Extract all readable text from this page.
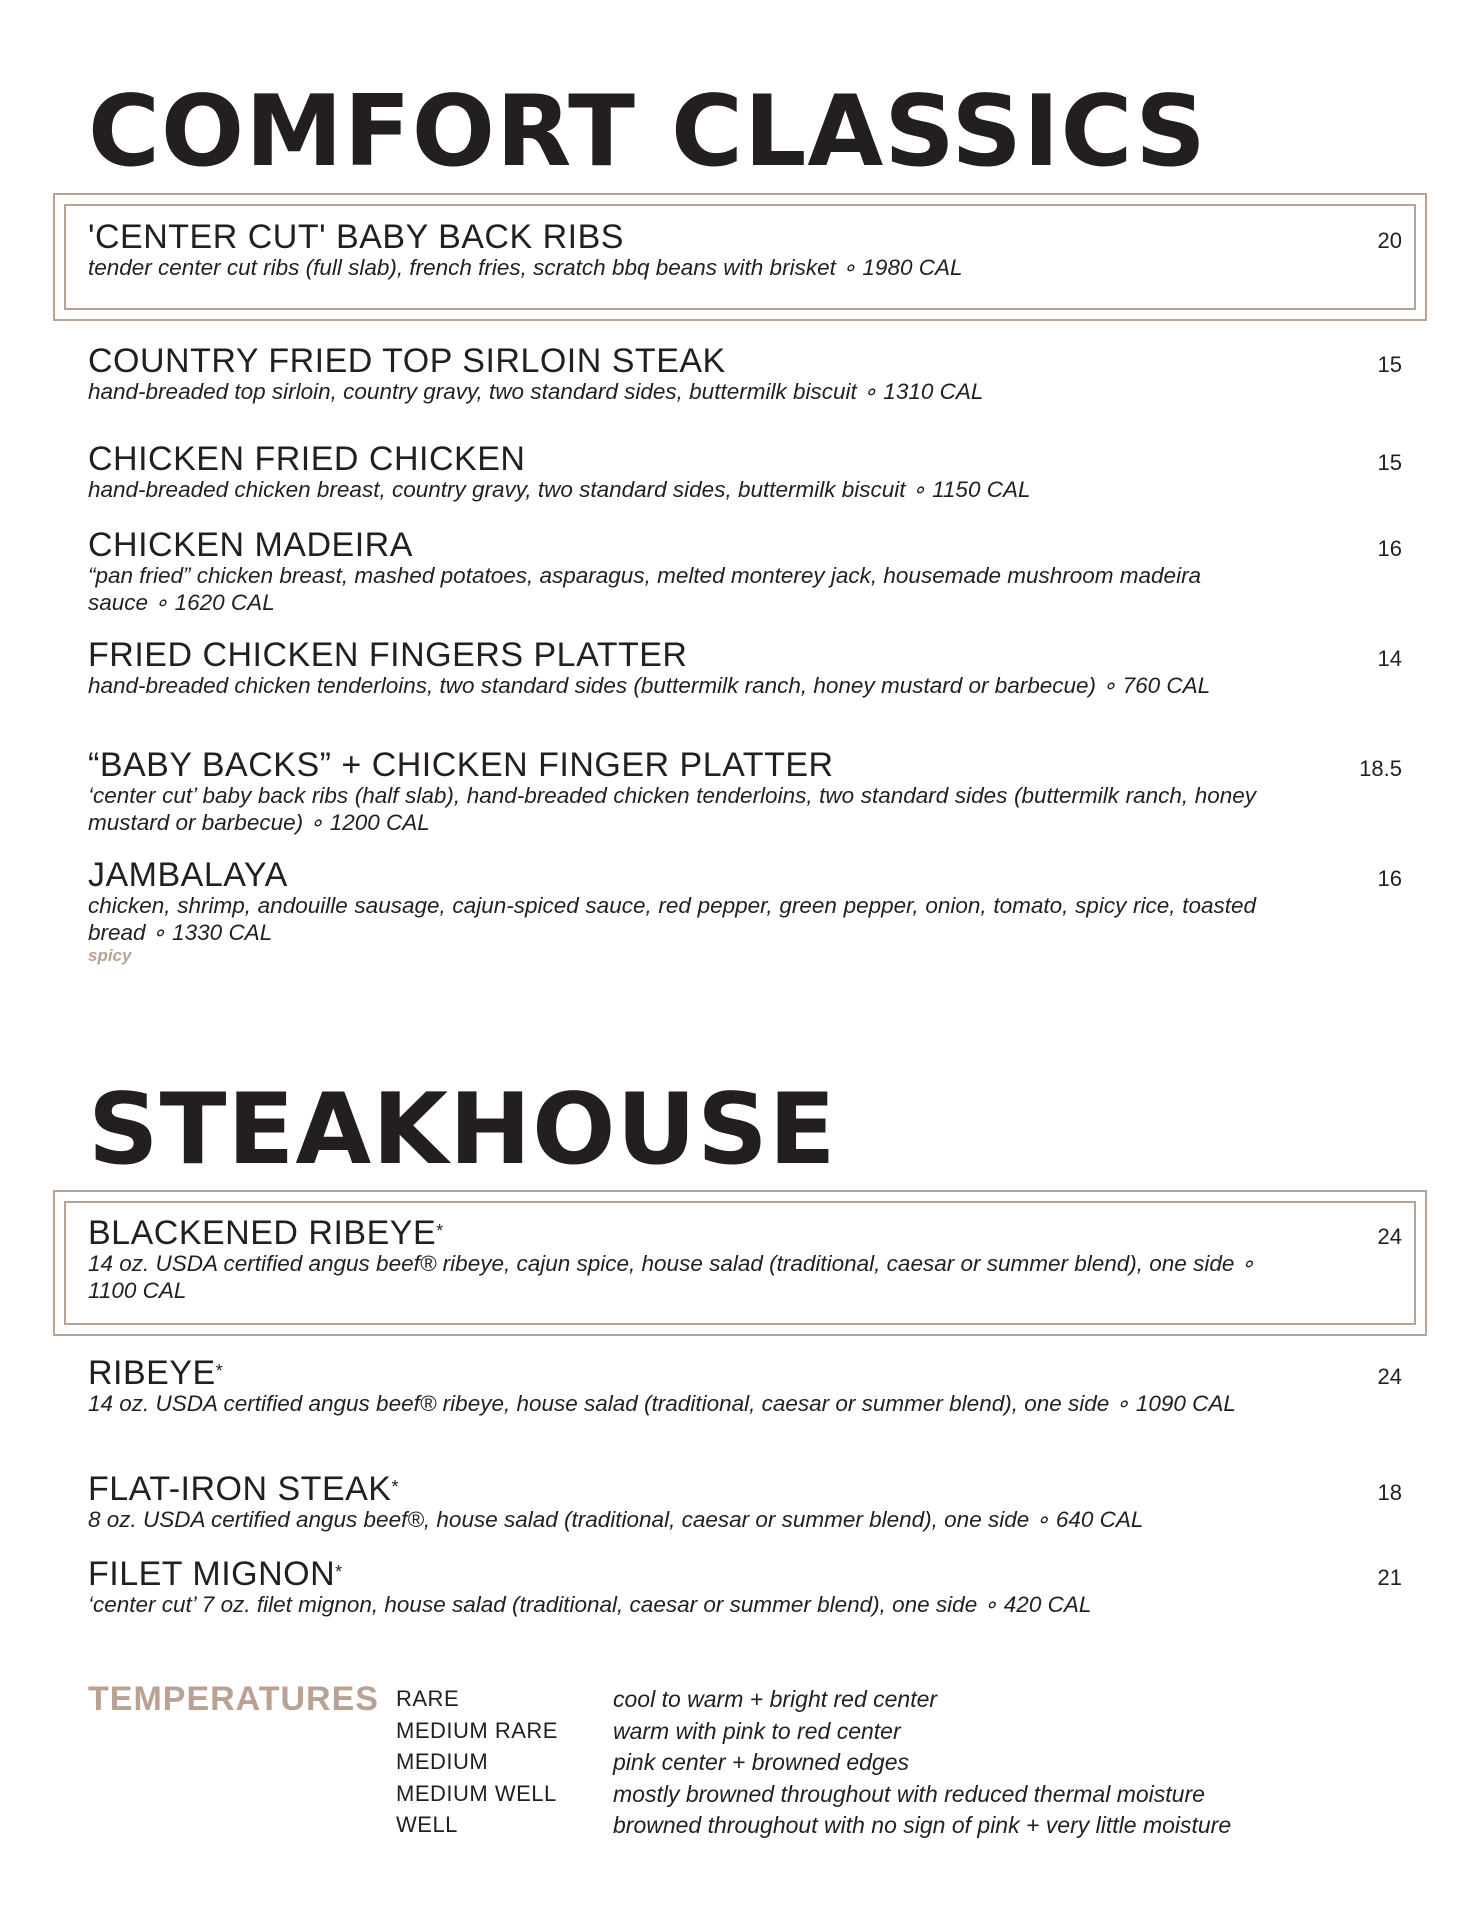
COMFORT CLASSICS
'CENTER CUT' BABY BACK RIBS
tender center cut ribs (full slab), french fries, scratch bbq beans with brisket ∘ 1980 CAL
20
COUNTRY FRIED TOP SIRLOIN STEAK
hand-breaded top sirloin, country gravy, two standard sides, buttermilk biscuit ∘ 1310 CAL
15
CHICKEN FRIED CHICKEN
hand-breaded chicken breast, country gravy, two standard sides, buttermilk biscuit ∘ 1150 CAL
15
CHICKEN MADEIRA
“pan fried” chicken breast, mashed potatoes, asparagus, melted monterey jack, housemade mushroom madeira sauce ∘ 1620 CAL
16
FRIED CHICKEN FINGERS PLATTER
hand-breaded chicken tenderloins, two standard sides (buttermilk ranch, honey mustard or barbecue) ∘ 760 CAL
14
“BABY BACKS” + CHICKEN FINGER PLATTER
‘center cut’ baby back ribs (half slab), hand-breaded chicken tenderloins, two standard sides (buttermilk ranch, honey mustard or barbecue) ∘ 1200 CAL
18.5
JAMBALAYA
chicken, shrimp, andouille sausage, cajun-spiced sauce, red pepper, green pepper, onion, tomato, spicy rice, toasted bread ∘ 1330 CAL
spicy
16
STEAKHOUSE
BLACKENED RIBEYE*
14 oz. USDA certified angus beef® ribeye, cajun spice, house salad (traditional, caesar or summer blend), one side ∘ 1100 CAL
24
RIBEYE*
14 oz. USDA certified angus beef® ribeye, house salad (traditional, caesar or summer blend), one side ∘ 1090 CAL
24
FLAT-IRON STEAK*
8 oz. USDA certified angus beef®, house salad (traditional, caesar or summer blend), one side ∘ 640 CAL
18
FILET MIGNON*
‘center cut’ 7 oz. filet mignon, house salad (traditional, caesar or summer blend), one side ∘ 420 CAL
21
TEMPERATURES RARE	cool to warm + bright red center
MEDIUM RARE warm with pink to red center
MEDIUM	pink center + browned edges
MEDIUM WELL mostly browned throughout with reduced thermal moisture
WELL	browned throughout with no sign of pink + very little moisture
